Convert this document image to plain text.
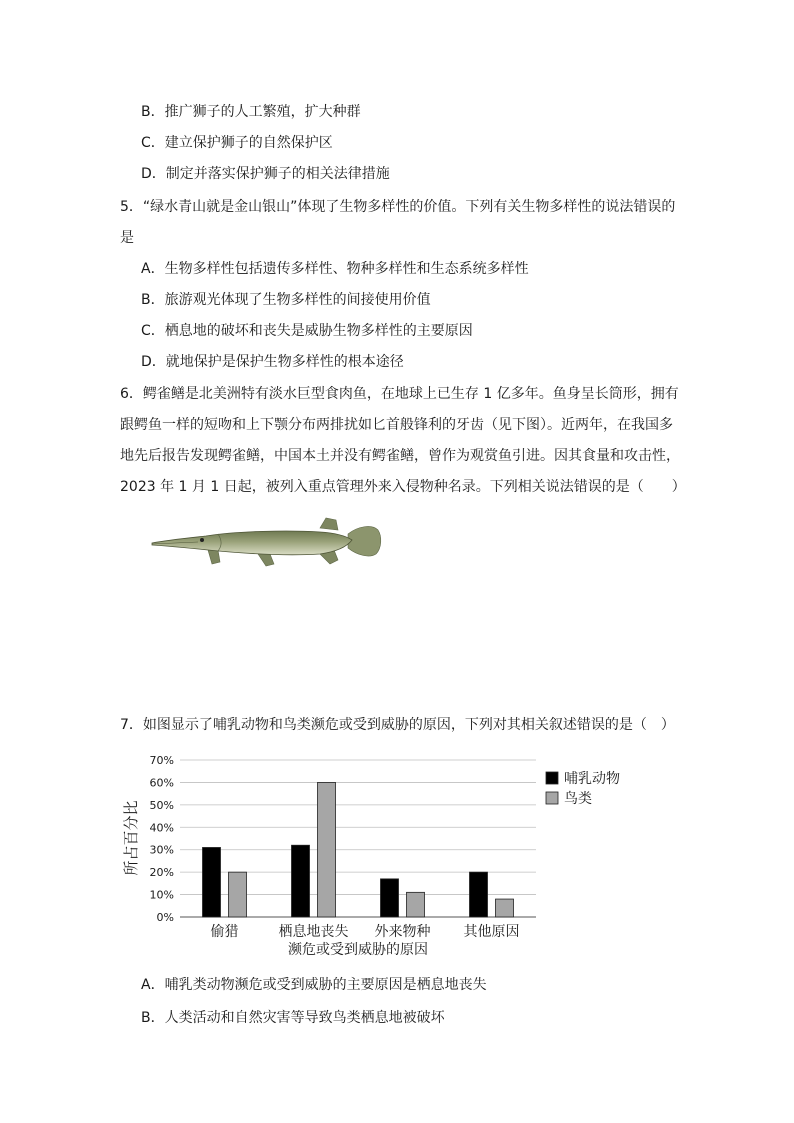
B．推广狮子的人工繁殖，扩大种群
C．建立保护狮子的自然保护区
D．制定并落实保护狮子的相关法律措施
5．“绿水青山就是金山银山”体现了生物多样性的价值。下列有关生物多样性的说法错误的
是
A．生物多样性包括遗传多样性、物种多样性和生态系统多样性
B．旅游观光体现了生物多样性的间接使用价值
C．栖息地的破坏和丧失是威胁生物多样性的主要原因
D．就地保护是保护生物多样性的根本途径
6．鳄雀鳝是北美洲特有淡水巨型食肉鱼，在地球上已生存 1 亿多年。鱼身呈长筒形，拥有
跟鳄鱼一样的短吻和上下颚分布两排扰如匕首般锋利的牙齿（见下图）。近两年，在我国多
地先后报告发现鳄雀鳝，中国本土并没有鳄雀鳝，曾作为观赏鱼引进。因其食量和攻击性，
2023 年 1 月 1 日起，被列入重点管理外来入侵物种名录。下列相关说法错误的是（　　）
所占百分比
0%
10%
20%
30%
40%
50%
60%
70%
偷猎	栖息地丧失 外来物种 其他原因
濒危或受到威胁的原因
哺乳动物
鸟类
A．哺乳类动物濒危或受到威胁的主要原因是栖息地丧失
B．人类活动和自然灾害等导致鸟类栖息地被破坏
7．如图显示了哺乳动物和鸟类濒危或受到威胁的原因，下列对其相关叙述错误的是（　）
